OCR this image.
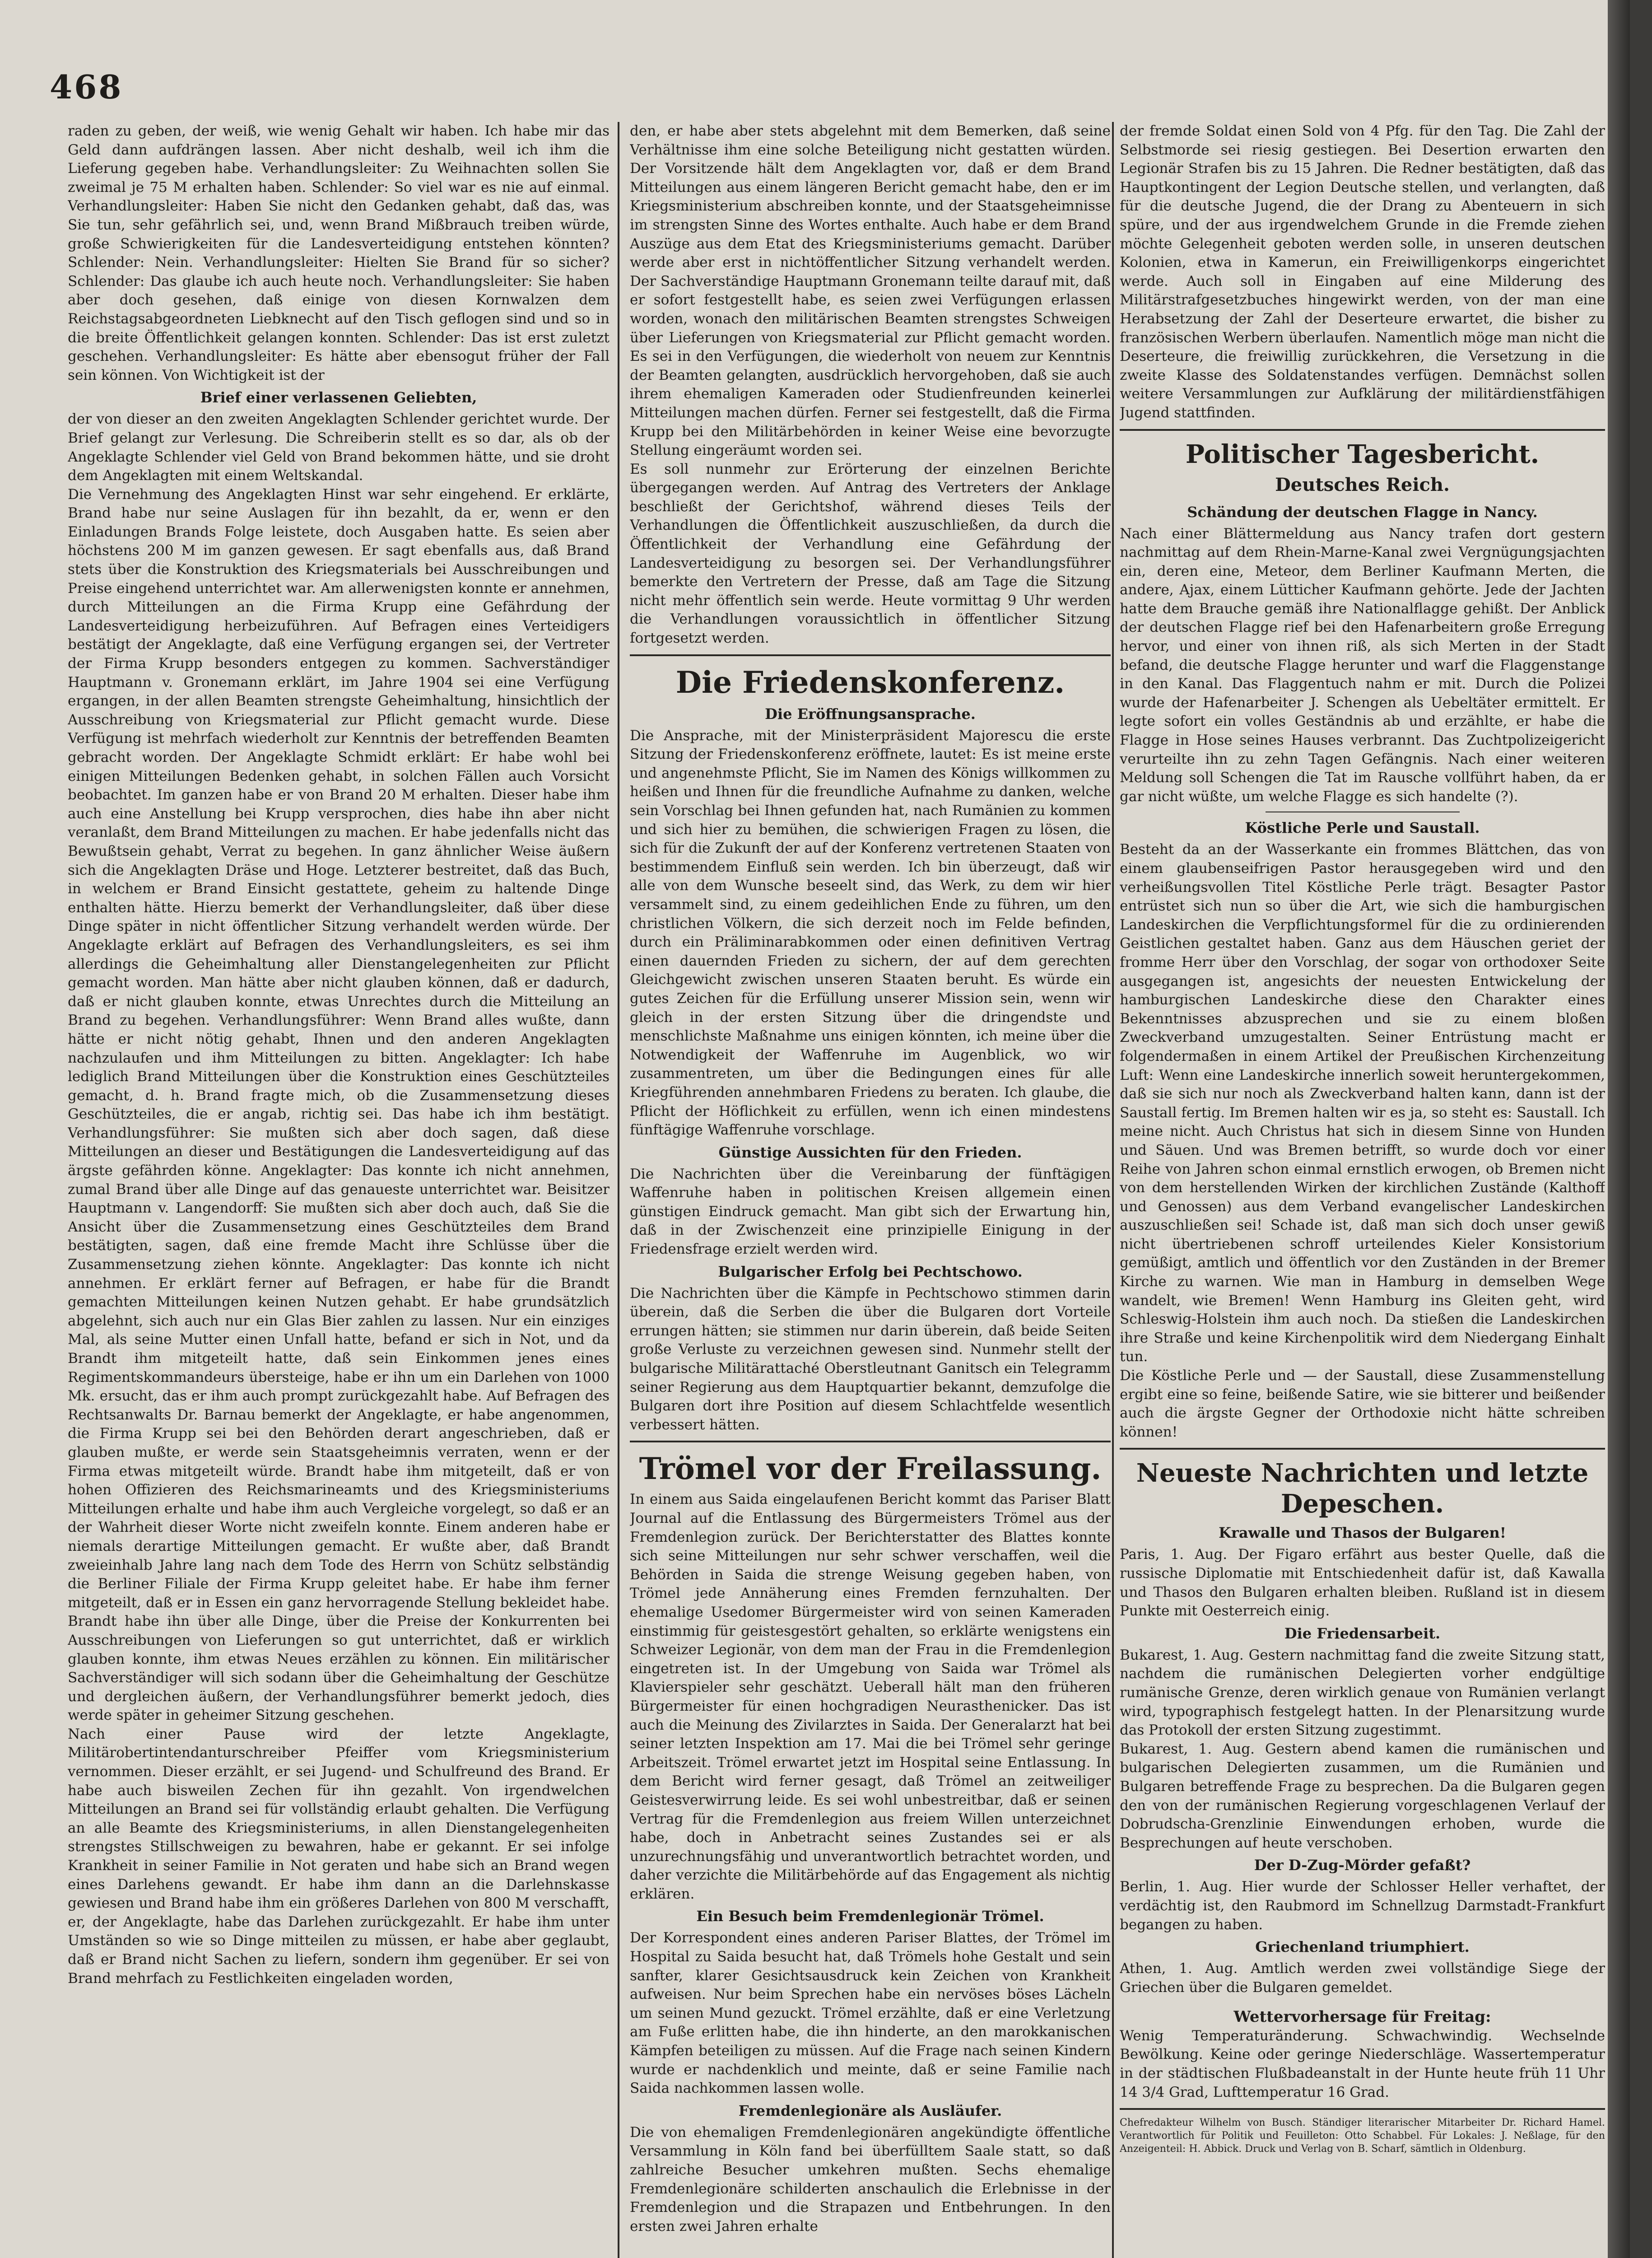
468

raden zu geben, der weiß, wie wenig Gehalt wir haben. Ich habe mir das Geld dann aufdrängen lassen. Aber nicht deshalb, weil ich ihm die Lieferung gegeben habe. Verhandlungsleiter: Zu Weihnachten sollen Sie zweimal je 75 M erhalten haben. Schlender: So viel war es nie auf einmal. Verhandlungsleiter: Haben Sie nicht den Gedanken gehabt, daß das, was Sie tun, sehr gefährlich sei, und, wenn Brand Mißbrauch treiben würde, große Schwierigkeiten für die Landesverteidigung entstehen könnten? Schlender: Nein. Verhandlungsleiter: Hielten Sie Brand für so sicher? Schlender: Das glaube ich auch heute noch. Verhandlungsleiter: Sie haben aber doch gesehen, daß einige von diesen Kornwalzen dem Reichstagsabgeordneten Liebknecht auf den Tisch geflogen sind und so in die breite Öffentlichkeit gelangen konnten. Schlender: Das ist erst zuletzt geschehen. Verhandlungsleiter: Es hätte aber ebensogut früher der Fall sein können. Von Wichtigkeit ist der

Brief einer verlassenen Geliebten,

der von dieser an den zweiten Angeklagten Schlender gerichtet wurde. Der Brief gelangt zur Verlesung. Die Schreiberin stellt es so dar, als ob der Angeklagte Schlender viel Geld von Brand bekommen hätte, und sie droht dem Angeklagten mit einem Weltskandal.

Die Vernehmung des Angeklagten Hinst war sehr eingehend. Er erklärte, Brand habe nur seine Auslagen für ihn bezahlt, da er, wenn er den Einladungen Brands Folge leistete, doch Ausgaben hatte. Es seien aber höchstens 200 M im ganzen gewesen. Er sagt ebenfalls aus, daß Brand stets über die Konstruktion des Kriegsmaterials bei Ausschreibungen und Preise eingehend unterrichtet war. Am allerwenigsten konnte er annehmen, durch Mitteilungen an die Firma Krupp eine Gefährdung der Landesverteidigung herbeizuführen. Auf Befragen eines Verteidigers bestätigt der Angeklagte, daß eine Verfügung ergangen sei, der Vertreter der Firma Krupp besonders entgegen zu kommen. Sachverständiger Hauptmann v. Gronemann erklärt, im Jahre 1904 sei eine Verfügung ergangen, in der allen Beamten strengste Geheimhaltung, hinsichtlich der Ausschreibung von Kriegsmaterial zur Pflicht gemacht wurde. Diese Verfügung ist mehrfach wiederholt zur Kenntnis der betreffenden Beamten gebracht worden. Der Angeklagte Schmidt erklärt: Er habe wohl bei einigen Mitteilungen Bedenken gehabt, in solchen Fällen auch Vorsicht beobachtet. Im ganzen habe er von Brand 20 M erhalten. Dieser habe ihm auch eine Anstellung bei Krupp versprochen, dies habe ihn aber nicht veranlaßt, dem Brand Mitteilungen zu machen. Er habe jedenfalls nicht das Bewußtsein gehabt, Verrat zu begehen. In ganz ähnlicher Weise äußern sich die Angeklagten Dräse und Hoge. Letzterer bestreitet, daß das Buch, in welchem er Brand Einsicht gestattete, geheim zu haltende Dinge enthalten hätte. Hierzu bemerkt der Verhandlungsleiter, daß über diese Dinge später in nicht öffentlicher Sitzung verhandelt werden würde. Der Angeklagte erklärt auf Befragen des Verhandlungsleiters, es sei ihm allerdings die Geheimhaltung aller Dienstangelegenheiten zur Pflicht gemacht worden. Man hätte aber nicht glauben können, daß er dadurch, daß er nicht glauben konnte, etwas Unrechtes durch die Mitteilung an Brand zu begehen. Verhandlungsführer: Wenn Brand alles wußte, dann hätte er nicht nötig gehabt, Ihnen und den anderen Angeklagten nachzulaufen und ihm Mitteilungen zu bitten. Angeklagter: Ich habe lediglich Brand Mitteilungen über die Konstruktion eines Geschützteiles gemacht, d. h. Brand fragte mich, ob die Zusammensetzung dieses Geschützteiles, die er angab, richtig sei. Das habe ich ihm bestätigt. Verhandlungsführer: Sie mußten sich aber doch sagen, daß diese Mitteilungen an dieser und Bestätigungen die Landesverteidigung auf das ärgste gefährden könne. Angeklagter: Das konnte ich nicht annehmen, zumal Brand über alle Dinge auf das genaueste unterrichtet war. Beisitzer Hauptmann v. Langendorff: Sie mußten sich aber doch auch, daß Sie die Ansicht über die Zusammensetzung eines Geschützteiles dem Brand bestätigten, sagen, daß eine fremde Macht ihre Schlüsse über die Zusammensetzung ziehen könnte. Angeklagter: Das konnte ich nicht annehmen. Er erklärt ferner auf Befragen, er habe für die Brandt gemachten Mitteilungen keinen Nutzen gehabt. Er habe grundsätzlich abgelehnt, sich auch nur ein Glas Bier zahlen zu lassen. Nur ein einziges Mal, als seine Mutter einen Unfall hatte, befand er sich in Not, und da Brandt ihm mitgeteilt hatte, daß sein Einkommen jenes eines Regimentskommandeurs übersteige, habe er ihn um ein Darlehen von 1000 Mk. ersucht, das er ihm auch prompt zurückgezahlt habe. Auf Befragen des Rechtsanwalts Dr. Barnau bemerkt der Angeklagte, er habe angenommen, die Firma Krupp sei bei den Behörden derart angeschrieben, daß er glauben mußte, er werde sein Staatsgeheimnis verraten, wenn er der Firma etwas mitgeteilt würde. Brandt habe ihm mitgeteilt, daß er von hohen Offizieren des Reichsmarineamts und des Kriegsministeriums Mitteilungen erhalte und habe ihm auch Vergleiche vorgelegt, so daß er an der Wahrheit dieser Worte nicht zweifeln konnte. Einem anderen habe er niemals derartige Mitteilungen gemacht. Er wußte aber, daß Brandt zweieinhalb Jahre lang nach dem Tode des Herrn von Schütz selbständig die Berliner Filiale der Firma Krupp geleitet habe. Er habe ihm ferner mitgeteilt, daß er in Essen ein ganz hervorragende Stellung bekleidet habe. Brandt habe ihn über alle Dinge, über die Preise der Konkurrenten bei Ausschreibungen von Lieferungen so gut unterrichtet, daß er wirklich glauben konnte, ihm etwas Neues erzählen zu können. Ein militärischer Sachverständiger will sich sodann über die Geheimhaltung der Geschütze und dergleichen äußern, der Verhandlungsführer bemerkt jedoch, dies werde später in geheimer Sitzung geschehen.

Nach einer Pause wird der letzte Angeklagte, Militärobertintendanturschreiber Pfeiffer vom Kriegsministerium vernommen. Dieser erzählt, er sei Jugend- und Schulfreund des Brand. Er habe auch bisweilen Zechen für ihn gezahlt. Von irgendwelchen Mitteilungen an Brand sei für vollständig erlaubt gehalten. Die Verfügung an alle Beamte des Kriegsministeriums, in allen Dienstangelegenheiten strengstes Stillschweigen zu bewahren, habe er gekannt. Er sei infolge Krankheit in seiner Familie in Not geraten und habe sich an Brand wegen eines Darlehens gewandt. Er habe ihm dann an die Darlehnskasse gewiesen und Brand habe ihm ein größeres Darlehen von 800 M verschafft, er, der Angeklagte, habe das Darlehen zurückgezahlt. Er habe ihm unter Umständen so wie so Dinge mitteilen zu müssen, er habe aber geglaubt, daß er Brand nicht Sachen zu liefern, sondern ihm gegenüber. Er sei von Brand mehrfach zu Festlichkeiten eingeladen worden,

den, er habe aber stets abgelehnt mit dem Bemerken, daß seine Verhältnisse ihm eine solche Beteiligung nicht gestatten würden. Der Vorsitzende hält dem Angeklagten vor, daß er dem Brand Mitteilungen aus einem längeren Bericht gemacht habe, den er im Kriegsministerium abschreiben konnte, und der Staatsgeheimnisse im strengsten Sinne des Wortes enthalte. Auch habe er dem Brand Auszüge aus dem Etat des Kriegsministeriums gemacht. Darüber werde aber erst in nichtöffentlicher Sitzung verhandelt werden. Der Sachverständige Hauptmann Gronemann teilte darauf mit, daß er sofort festgestellt habe, es seien zwei Verfügungen erlassen worden, wonach den militärischen Beamten strengstes Schweigen über Lieferungen von Kriegsmaterial zur Pflicht gemacht worden. Es sei in den Verfügungen, die wiederholt von neuem zur Kenntnis der Beamten gelangten, ausdrücklich hervorgehoben, daß sie auch ihrem ehemaligen Kameraden oder Studienfreunden keinerlei Mitteilungen machen dürfen. Ferner sei festgestellt, daß die Firma Krupp bei den Militärbehörden in keiner Weise eine bevorzugte Stellung eingeräumt worden sei.

Es soll nunmehr zur Erörterung der einzelnen Berichte übergegangen werden. Auf Antrag des Vertreters der Anklage beschließt der Gerichtshof, während dieses Teils der Verhandlungen die Öffentlichkeit auszuschließen, da durch die Öffentlichkeit der Verhandlung eine Gefährdung der Landesverteidigung zu besorgen sei. Der Verhandlungsführer bemerkte den Vertretern der Presse, daß am Tage die Sitzung nicht mehr öffentlich sein werde. Heute vormittag 9 Uhr werden die Verhandlungen voraussichtlich in öffentlicher Sitzung fortgesetzt werden.

Die Friedenskonferenz.
Die Eröffnungsansprache.

Die Ansprache, mit der Ministerpräsident Majorescu die erste Sitzung der Friedenskonferenz eröffnete, lautet: Es ist meine erste und angenehmste Pflicht, Sie im Namen des Königs willkommen zu heißen und Ihnen für die freundliche Aufnahme zu danken, welche sein Vorschlag bei Ihnen gefunden hat, nach Rumänien zu kommen und sich hier zu bemühen, die schwierigen Fragen zu lösen, die sich für die Zukunft der auf der Konferenz vertretenen Staaten von bestimmendem Einfluß sein werden. Ich bin überzeugt, daß wir alle von dem Wunsche beseelt sind, das Werk, zu dem wir hier versammelt sind, zu einem gedeihlichen Ende zu führen, um den christlichen Völkern, die sich derzeit noch im Felde befinden, durch ein Präliminarabkommen oder einen definitiven Vertrag einen dauernden Frieden zu sichern, der auf dem gerechten Gleichgewicht zwischen unseren Staaten beruht. Es würde ein gutes Zeichen für die Erfüllung unserer Mission sein, wenn wir gleich in der ersten Sitzung über die dringendste und menschlichste Maßnahme uns einigen könnten, ich meine über die Notwendigkeit der Waffenruhe im Augenblick, wo wir zusammentreten, um über die Bedingungen eines für alle Kriegführenden annehmbaren Friedens zu beraten. Ich glaube, die Pflicht der Höflichkeit zu erfüllen, wenn ich einen mindestens fünftägige Waffenruhe vorschlage.

Günstige Aussichten für den Frieden.

Die Nachrichten über die Vereinbarung der fünftägigen Waffenruhe haben in politischen Kreisen allgemein einen günstigen Eindruck gemacht. Man gibt sich der Erwartung hin, daß in der Zwischenzeit eine prinzipielle Einigung in der Friedensfrage erzielt werden wird.

Bulgarischer Erfolg bei Pechtschowo.

Die Nachrichten über die Kämpfe in Pechtschowo stimmen darin überein, daß die Serben die über die Bulgaren dort Vorteile errungen hätten; sie stimmen nur darin überein, daß beide Seiten große Verluste zu verzeichnen gewesen sind. Nunmehr stellt der bulgarische Militärattaché Oberstleutnant Ganitsch ein Telegramm seiner Regierung aus dem Hauptquartier bekannt, demzufolge die Bulgaren dort ihre Position auf diesem Schlachtfelde wesentlich verbessert hätten.

Trömel vor der Freilassung.

In einem aus Saida eingelaufenen Bericht kommt das Pariser Blatt Journal auf die Entlassung des Bürgermeisters Trömel aus der Fremdenlegion zurück. Der Berichterstatter des Blattes konnte sich seine Mitteilungen nur sehr schwer verschaffen, weil die Behörden in Saida die strenge Weisung gegeben haben, von Trömel jede Annäherung eines Fremden fernzuhalten. Der ehemalige Usedomer Bürgermeister wird von seinen Kameraden einstimmig für geistesgestört gehalten, so erklärte wenigstens ein Schweizer Legionär, von dem man der Frau in die Fremdenlegion eingetreten ist. In der Umgebung von Saida war Trömel als Klavierspieler sehr geschätzt. Ueberall hält man den früheren Bürgermeister für einen hochgradigen Neurasthenicker. Das ist auch die Meinung des Zivilarztes in Saida. Der Generalarzt hat bei seiner letzten Inspektion am 17. Mai die bei Trömel sehr geringe Arbeitszeit. Trömel erwartet jetzt im Hospital seine Entlassung. In dem Bericht wird ferner gesagt, daß Trömel an zeitweiliger Geistesverwirrung leide. Es sei wohl unbestreitbar, daß er seinen Vertrag für die Fremdenlegion aus freiem Willen unterzeichnet habe, doch in Anbetracht seines Zustandes sei er als unzurechnungsfähig und unverantwortlich betrachtet worden, und daher verzichte die Militärbehörde auf das Engagement als nichtig erklären.

Ein Besuch beim Fremdenlegionär Trömel.

Der Korrespondent eines anderen Pariser Blattes, der Trömel im Hospital zu Saida besucht hat, daß Trömels hohe Gestalt und sein sanfter, klarer Gesichtsausdruck kein Zeichen von Krankheit aufweisen. Nur beim Sprechen habe ein nervöses böses Lächeln um seinen Mund gezuckt. Trömel erzählte, daß er eine Verletzung am Fuße erlitten habe, die ihn hinderte, an den marokkanischen Kämpfen beteiligen zu müssen. Auf die Frage nach seinen Kindern wurde er nachdenklich und meinte, daß er seine Familie nach Saida nachkommen lassen wolle.

Fremdenlegionäre als Ausläufer.

Die von ehemaligen Fremdenlegionären angekündigte öffentliche Versammlung in Köln fand bei überfülltem Saale statt, so daß zahlreiche Besucher umkehren mußten. Sechs ehemalige Fremdenlegionäre schilderten anschaulich die Erlebnisse in der Fremdenlegion und die Strapazen und Entbehrungen. In den ersten zwei Jahren erhalte

der fremde Soldat einen Sold von 4 Pfg. für den Tag. Die Zahl der Selbstmorde sei riesig gestiegen. Bei Desertion erwarten den Legionär Strafen bis zu 15 Jahren. Die Redner bestätigten, daß das Hauptkontingent der Legion Deutsche stellen, und verlangten, daß für die deutsche Jugend, die der Drang zu Abenteuern in sich spüre, und der aus irgendwelchem Grunde in die Fremde ziehen möchte Gelegenheit geboten werden solle, in unseren deutschen Kolonien, etwa in Kamerun, ein Freiwilligenkorps eingerichtet werde. Auch soll in Eingaben auf eine Milderung des Militärstrafgesetzbuches hingewirkt werden, von der man eine Herabsetzung der Zahl der Deserteure erwartet, die bisher zu französischen Werbern überlaufen. Namentlich möge man nicht die Deserteure, die freiwillig zurückkehren, die Versetzung in die zweite Klasse des Soldatenstandes verfügen. Demnächst sollen weitere Versammlungen zur Aufklärung der militärdienstfähigen Jugend stattfinden.

Politischer Tagesbericht.
Deutsches Reich.
Schändung der deutschen Flagge in Nancy.

Nach einer Blättermeldung aus Nancy trafen dort gestern nachmittag auf dem Rhein-Marne-Kanal zwei Vergnügungsjachten ein, deren eine, Meteor, dem Berliner Kaufmann Merten, die andere, Ajax, einem Lütticher Kaufmann gehörte. Jede der Jachten hatte dem Brauche gemäß ihre Nationalflagge gehißt. Der Anblick der deutschen Flagge rief bei den Hafenarbeitern große Erregung hervor, und einer von ihnen riß, als sich Merten in der Stadt befand, die deutsche Flagge herunter und warf die Flaggenstange in den Kanal. Das Flaggentuch nahm er mit. Durch die Polizei wurde der Hafenarbeiter J. Schengen als Uebeltäter ermittelt. Er legte sofort ein volles Geständnis ab und erzählte, er habe die Flagge in Hose seines Hauses verbrannt. Das Zuchtpolizeigericht verurteilte ihn zu zehn Tagen Gefängnis. Nach einer weiteren Meldung soll Schengen die Tat im Rausche vollführt haben, da er gar nicht wüßte, um welche Flagge es sich handelte (?).

Köstliche Perle und Saustall.

Besteht da an der Wasserkante ein frommes Blättchen, das von einem glaubenseifrigen Pastor herausgegeben wird und den verheißungsvollen Titel Köstliche Perle trägt. Besagter Pastor entrüstet sich nun so über die Art, wie sich die hamburgischen Landeskirchen die Verpflichtungsformel für die zu ordinierenden Geistlichen gestaltet haben. Ganz aus dem Häuschen geriet der fromme Herr über den Vorschlag, der sogar von orthodoxer Seite ausgegangen ist, angesichts der neuesten Entwickelung der hamburgischen Landeskirche diese den Charakter eines Bekenntnisses abzusprechen und sie zu einem bloßen Zweckverband umzugestalten. Seiner Entrüstung macht er folgendermaßen in einem Artikel der Preußischen Kirchenzeitung Luft: Wenn eine Landeskirche innerlich soweit heruntergekommen, daß sie sich nur noch als Zweckverband halten kann, dann ist der Saustall fertig. Im Bremen halten wir es ja, so steht es: Saustall. Ich meine nicht. Auch Christus hat sich in diesem Sinne von Hunden und Säuen. Und was Bremen betrifft, so wurde doch vor einer Reihe von Jahren schon einmal ernstlich erwogen, ob Bremen nicht von dem herstellenden Wirken der kirchlichen Zustände (Kalthoff und Genossen) aus dem Verband evangelischer Landeskirchen auszuschließen sei! Schade ist, daß man sich doch unser gewiß nicht übertriebenen schroff urteilendes Kieler Konsistorium gemüßigt, amtlich und öffentlich vor den Zuständen in der Bremer Kirche zu warnen. Wie man in Hamburg in demselben Wege wandelt, wie Bremen! Wenn Hamburg ins Gleiten geht, wird Schleswig-Holstein ihm auch noch. Da stießen die Landeskirchen ihre Straße und keine Kirchenpolitik wird dem Niedergang Einhalt tun.

Die Köstliche Perle und — der Saustall, diese Zusammenstellung ergibt eine so feine, beißende Satire, wie sie bitterer und beißender auch die ärgste Gegner der Orthodoxie nicht hätte schreiben können!

Neueste Nachrichten und letzte Depeschen.
Krawalle und Thasos der Bulgaren!

Paris, 1. Aug. Der Figaro erfährt aus bester Quelle, daß die russische Diplomatie mit Entschiedenheit dafür ist, daß Kawalla und Thasos den Bulgaren erhalten bleiben. Rußland ist in diesem Punkte mit Oesterreich einig.

Die Friedensarbeit.

Bukarest, 1. Aug. Gestern nachmittag fand die zweite Sitzung statt, nachdem die rumänischen Delegierten vorher endgültige rumänische Grenze, deren wirklich genaue von Rumänien verlangt wird, typographisch festgelegt hatten. In der Plenarsitzung wurde das Protokoll der ersten Sitzung zugestimmt.

Bukarest, 1. Aug. Gestern abend kamen die rumänischen und bulgarischen Delegierten zusammen, um die Rumänien und Bulgaren betreffende Frage zu besprechen. Da die Bulgaren gegen den von der rumänischen Regierung vorgeschlagenen Verlauf der Dobrudscha-Grenzlinie Einwendungen erhoben, wurde die Besprechungen auf heute verschoben.

Der D-Zug-Mörder gefaßt?

Berlin, 1. Aug. Hier wurde der Schlosser Heller verhaftet, der verdächtig ist, den Raubmord im Schnellzug Darmstadt-Frankfurt begangen zu haben.

Griechenland triumphiert.

Athen, 1. Aug. Amtlich werden zwei vollständige Siege der Griechen über die Bulgaren gemeldet.

Wettervorhersage für Freitag:

Wenig Temperaturänderung. Schwachwindig. Wechselnde Bewölkung. Keine oder geringe Niederschläge. Wassertemperatur in der städtischen Flußbadeanstalt in der Hunte heute früh 11 Uhr 14 3/4 Grad, Lufttemperatur 16 Grad.

Chefredakteur Wilhelm von Busch. Ständiger literarischer Mitarbeiter Dr. Richard Hamel. Verantwortlich für Politik und Feuilleton: Otto Schabbel. Für Lokales: J. Neßlage, für den Anzeigenteil: H. Abbick. Druck und Verlag von B. Scharf, sämtlich in Oldenburg.
